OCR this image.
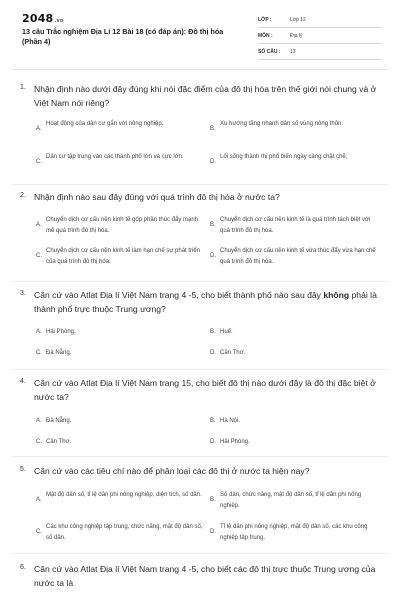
2048.vn
13 câu Trắc nghiệm Địa Lí 12 Bài 18 (có đáp án): Đô thị hóa (Phần 4)
LỚP :	Lớp 12
MÔN :	Địa lý
SỐ CÂU :	13
1. Nhận định nào dưới đây đúng khi nói đặc điểm của đô thị hóa trên thế giới nói chung và ở Việt Nam nói riêng?
A.
Hoạt động của dân cư gắn với nông nghiệp.
B.
Xu hướng tăng nhanh dân số vùng nông thôn.
C.
Dân cư tập trung vào các thành phố lớn và cực lớn.
D.
Lối sống thành thị phổ biến ngày càng chật chẽ.
2. Nhận định nào sau đây đúng với quá trình đô thị hóa ở nước ta?
A.
Chuyển dịch cơ cấu nền kinh tế góp phần thúc đẩy mạnh mẽ quá trình đô thị hóa.
B.
Chuyển dịch cơ cấu nền kinh tế là quá trình tách biệt với quá trình đô thị hóa.
C.
Chuyển dịch cơ cấu nền kinh tế làm hạn chế sự phát triển của quá trình đô thị hóa.
D.
Chuyển dịch cơ cấu nền kinh tế vừa thúc đẩy vừa hạn chế quá trình đô thị hóa.
3. Căn cứ vào Atlat Địa lí Việt Nam trang 4 -5, cho biết thành phố nào sau đây không phải là thành phố trực thuộc Trung ương?
A. Hải Phòng.	B. Huế.
C. Đà Nẵng.	D. Cần Thơ.
4. Căn cứ vào Atlat Địa lí Việt Nam trang 15, cho biết đô thị nào dưới đây là đô thị đặc biệt ở nước ta?
A. Đà Nẵng.	B. Hà Nội.
C. Cần Thơ.	D. Hải Phòng.
5. Căn cứ vào các tiêu chí nào để phân loại các đô thị ở nước ta hiện nay?
A.
Mật độ dân số, tỉ lệ dân phi nông nghiệp, diện tích, số dân.
B.
Số dân, chức năng, mật độ dân số, tỉ lệ dân phi nông nghiệp.
C.
Các khu công nghiệp tập trung, chức năng, mật độ dân số, số dân.
D.
Tỉ lệ dân phi nông nghiệp, mật độ dân số, các khu công nghiệp tập trung.
6. Căn cứ vào Atlat Địa lí Việt Nam trang 4 -5, cho biết các đô thị trực thuộc Trung ương của nước ta là
